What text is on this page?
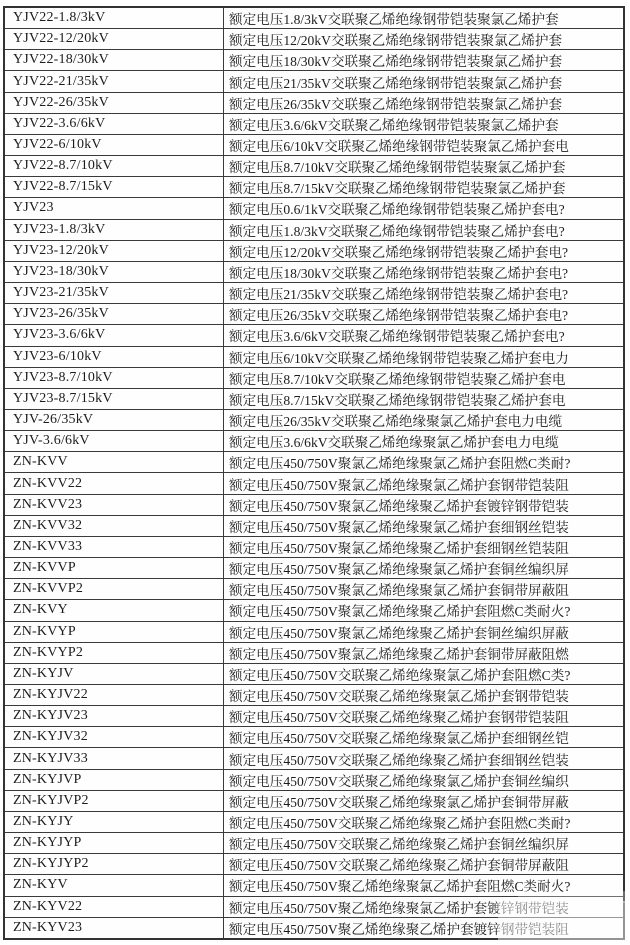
YJV22-1.8/3kV	额定电压1.8/3kV交联聚乙烯绝缘钢带铠装聚氯乙烯护套
YJV22-12/20kV	额定电压12/20kV交联聚乙烯绝缘钢带铠装聚氯乙烯护套
YJV22-18/30kV	额定电压18/30kV交联聚乙烯绝缘钢带铠装聚氯乙烯护套
YJV22-21/35kV	额定电压21/35kV交联聚乙烯绝缘钢带铠装聚氯乙烯护套
YJV22-26/35kV	额定电压26/35kV交联聚乙烯绝缘钢带铠装聚氯乙烯护套
YJV22-3.6/6kV	额定电压3.6/6kV交联聚乙烯绝缘钢带铠装聚氯乙烯护套
YJV22-6/10kV	额定电压6/10kV交联聚乙烯绝缘钢带铠装聚氯乙烯护套电
YJV22-8.7/10kV	额定电压8.7/10kV交联聚乙烯绝缘钢带铠装聚氯乙烯护套
YJV22-8.7/15kV	额定电压8.7/15kV交联聚乙烯绝缘钢带铠装聚氯乙烯护套
YJV23	额定电压0.6/1kV交联聚乙烯绝缘钢带铠装聚乙烯护套电?
YJV23-1.8/3kV	额定电压1.8/3kV交联聚乙烯绝缘钢带铠装聚乙烯护套电?
YJV23-12/20kV	额定电压12/20kV交联聚乙烯绝缘钢带铠装聚乙烯护套电?
YJV23-18/30kV	额定电压18/30kV交联聚乙烯绝缘钢带铠装聚乙烯护套电?
YJV23-21/35kV	额定电压21/35kV交联聚乙烯绝缘钢带铠装聚乙烯护套电?
YJV23-26/35kV	额定电压26/35kV交联聚乙烯绝缘钢带铠装聚乙烯护套电?
YJV23-3.6/6kV	额定电压3.6/6kV交联聚乙烯绝缘钢带铠装聚乙烯护套电?
YJV23-6/10kV	额定电压6/10kV交联聚乙烯绝缘钢带铠装聚乙烯护套电力
YJV23-8.7/10kV	额定电压8.7/10kV交联聚乙烯绝缘钢带铠装聚乙烯护套电
YJV23-8.7/15kV	额定电压8.7/15kV交联聚乙烯绝缘钢带铠装聚乙烯护套电
YJV-26/35kV	额定电压26/35kV交联聚乙烯绝缘聚氯乙烯护套电力电缆
YJV-3.6/6kV	额定电压3.6/6kV交联聚乙烯绝缘聚氯乙烯护套电力电缆
ZN-KVV	额定电压450/750V聚氯乙烯绝缘聚氯乙烯护套阻燃C类耐?
ZN-KVV22	额定电压450/750V聚氯乙烯绝缘聚氯乙烯护套钢带铠装阻
ZN-KVV23	额定电压450/750V聚氯乙烯绝缘聚乙烯护套镀锌钢带铠装
ZN-KVV32	额定电压450/750V聚氯乙烯绝缘聚氯乙烯护套细钢丝铠装
ZN-KVV33	额定电压450/750V聚氯乙烯绝缘聚乙烯护套细钢丝铠装阻
ZN-KVVP	额定电压450/750V聚氯乙烯绝缘聚氯乙烯护套铜丝编织屏
ZN-KVVP2	额定电压450/750V聚氯乙烯绝缘聚氯乙烯护套铜带屏蔽阻
ZN-KVY	额定电压450/750V聚氯乙烯绝缘聚乙烯护套阻燃C类耐火?
ZN-KVYP	额定电压450/750V聚氯乙烯绝缘聚乙烯护套铜丝编织屏蔽
ZN-KVYP2	额定电压450/750V聚氯乙烯绝缘聚乙烯护套铜带屏蔽阻燃
ZN-KYJV	额定电压450/750V交联聚乙烯绝缘聚氯乙烯护套阻燃C类?
ZN-KYJV22	额定电压450/750V交联聚乙烯绝缘聚氯乙烯护套钢带铠装
ZN-KYJV23	额定电压450/750V交联聚乙烯绝缘聚乙烯护套钢带铠装阻
ZN-KYJV32	额定电压450/750V交联聚乙烯绝缘聚氯乙烯护套细钢丝铠
ZN-KYJV33	额定电压450/750V交联聚乙烯绝缘聚乙烯护套细钢丝铠装
ZN-KYJVP	额定电压450/750V交联聚乙烯绝缘聚氯乙烯护套铜丝编织
ZN-KYJVP2	额定电压450/750V交联聚乙烯绝缘聚氯乙烯护套铜带屏蔽
ZN-KYJY	额定电压450/750V交联聚乙烯绝缘聚乙烯护套阻燃C类耐?
ZN-KYJYP	额定电压450/750V交联聚乙烯绝缘聚乙烯护套铜丝编织屏
ZN-KYJYP2	额定电压450/750V交联聚乙烯绝缘聚乙烯护套铜带屏蔽阻
ZN-KYV	额定电压450/750V聚乙烯绝缘聚氯乙烯护套阻燃C类耐火?
ZN-KYV22	额定电压450/750V聚乙烯绝缘聚氯乙烯护套镀锌钢带铠装
ZN-KYV23	额定电压450/750V聚乙烯绝缘聚乙烯护套镀锌钢带铠装阻
